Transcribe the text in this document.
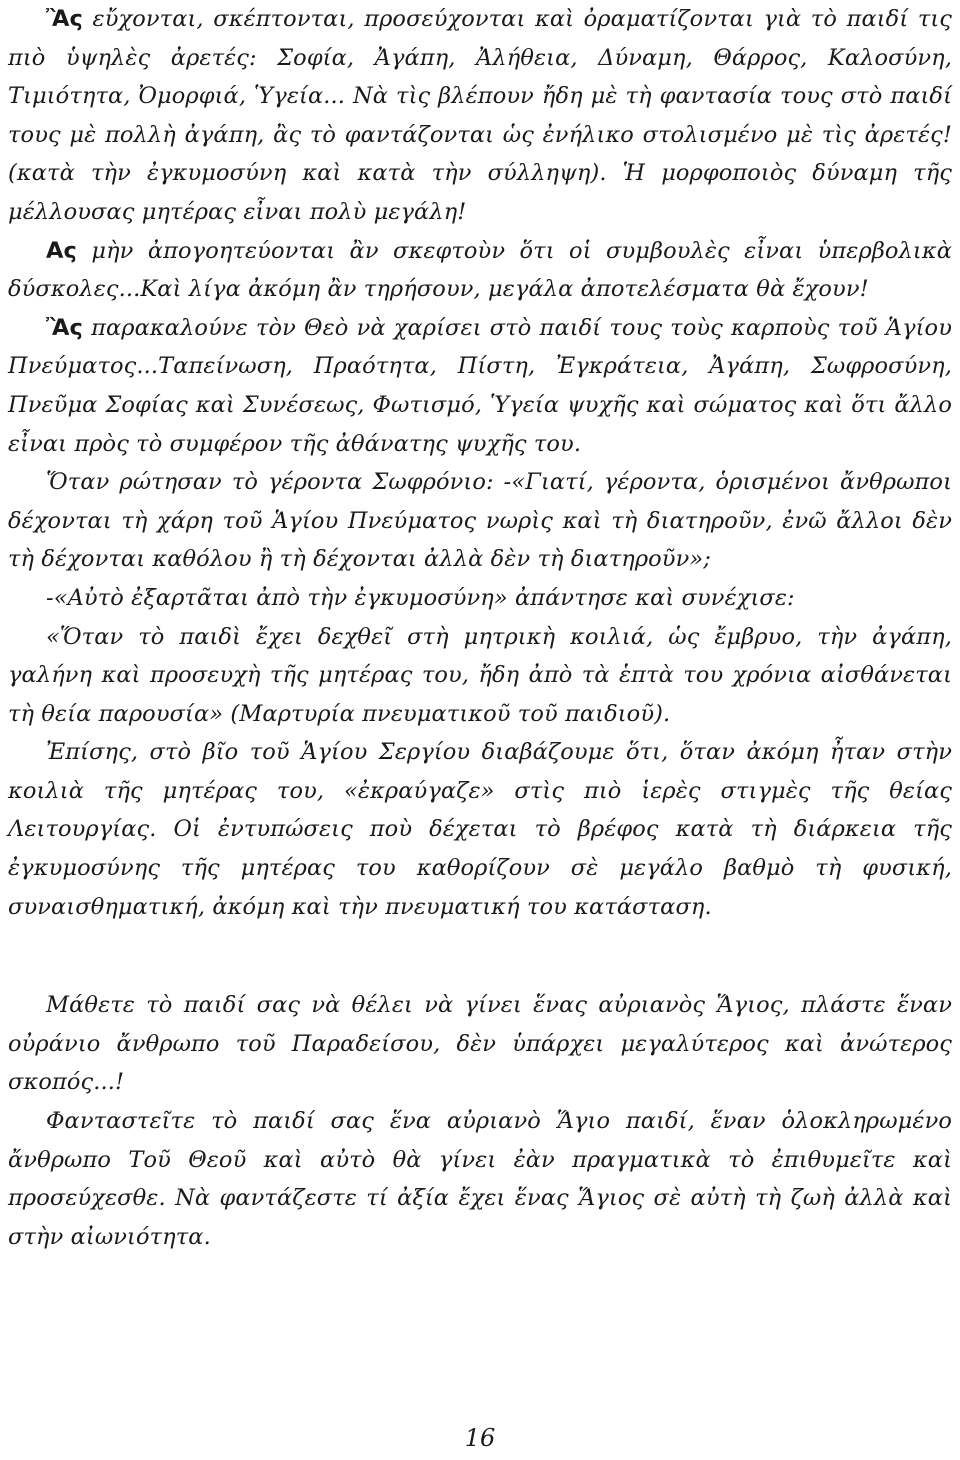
Ἂς εὔχονται, σκέπτονται, προσεύχονται καὶ ὀραματίζονται γιὰ τὸ παιδί τις πιὸ ὑψηλὲς ἀρετές: Σοφία, Ἀγάπη, Ἀλήθεια, Δύναμη, Θάρρος, Καλοσύνη, Τιμιότητα, Ὀμορφιά, Ὑγεία... Νὰ τὶς βλέπουν ἤδη μὲ τὴ φαντασία τους στὸ παιδί τους μὲ πολλὴ ἀγάπη, ἂς τὸ φαντάζονται ὡς ἐνήλικο στολισμένο μὲ τὶς ἀρετές! (κατὰ τὴν ἐγκυμοσύνη καὶ κατὰ τὴν σύλληψη). Ἡ μορφοποιὸς δύναμη τῆς μέλλουσας μητέρας εἶναι πολὺ μεγάλη!

Ας μὴν ἀπογοητεύονται ἂν σκεφτοὺν ὅτι οἱ συμβουλὲς εἶναι ὑπερβολικὰ δύσκολες...Καὶ λίγα ἀκόμη ἂν τηρήσουν, μεγάλα ἀποτελέσματα θὰ ἔχουν!

Ἂς παρακαλούνε τὸν Θεὸ νὰ χαρίσει στὸ παιδί τους τοὺς καρποὺς τοῦ Ἁγίου Πνεύματος...Ταπείνωση, Πραότητα, Πίστη, Ἐγκράτεια, Ἀγάπη, Σωφροσύνη, Πνεῦμα Σοφίας καὶ Συνέσεως, Φωτισμό, Ὑγεία ψυχῆς καὶ σώματος καὶ ὅτι ἄλλο εἶναι πρὸς τὸ συμφέρον τῆς ἀθάνατης ψυχῆς του.

Ὅταν ρώτησαν τὸ γέροντα Σωφρόνιο: -«Γιατί, γέροντα, ὁρισμένοι ἄνθρωποι δέχονται τὴ χάρη τοῦ Ἁγίου Πνεύματος νωρὶς καὶ τὴ διατηροῦν, ἐνῶ ἄλλοι δὲν τὴ δέχονται καθόλου ἢ τὴ δέχονται ἀλλὰ δὲν τὴ διατηροῦν»;

-«Αὐτὸ ἐξαρτᾶται ἀπὸ τὴν ἐγκυμοσύνη» ἀπάντησε καὶ συνέχισε:

«Ὅταν τὸ παιδὶ ἔχει δεχθεῖ στὴ μητρικὴ κοιλιά, ὡς ἔμβρυο, τὴν ἀγάπη, γαλήνη καὶ προσευχὴ τῆς μητέρας του, ἤδη ἀπὸ τὰ ἑπτὰ του χρόνια αἰσθάνεται τὴ θεία παρουσία» (Μαρτυρία πνευματικοῦ τοῦ παιδιοῦ).

Ἐπίσης, στὸ βῖο τοῦ Ἁγίου Σεργίου διαβάζουμε ὅτι, ὅταν ἀκόμη ἦταν στὴν κοιλιὰ τῆς μητέρας του, «ἐκραύγαζε» στὶς πιὸ ἱερὲς στιγμὲς τῆς θείας Λειτουργίας. Οἱ ἐντυπώσεις ποὺ δέχεται τὸ βρέφος κατὰ τὴ διάρκεια τῆς ἐγκυμοσύνης τῆς μητέρας του καθορίζουν σὲ μεγάλο βαθμὸ τὴ φυσική, συναισθηματική, ἀκόμη καὶ τὴν πνευματική του κατάσταση.

Μάθετε τὸ παιδί σας νὰ θέλει νὰ γίνει ἕνας αὐριανὸς Ἅγιος, πλάστε ἕναν οὐράνιο ἄνθρωπο τοῦ Παραδείσου, δὲν ὑπάρχει μεγαλύτερος καὶ ἀνώτερος σκοπός...!

Φανταστεῖτε τὸ παιδί σας ἕνα αὐριανὸ Ἅγιο παιδί, ἕναν ὁλοκληρωμένο ἄνθρωπο Τοῦ Θεοῦ καὶ αὐτὸ θὰ γίνει ἐὰν πραγματικὰ τὸ ἐπιθυμεῖτε καὶ προσεύχεσθε. Νὰ φαντάζεστε τί ἀξία ἔχει ἕνας Ἅγιος σὲ αὐτὴ τὴ ζωὴ ἀλλὰ καὶ στὴν αἰωνιότητα.

16
